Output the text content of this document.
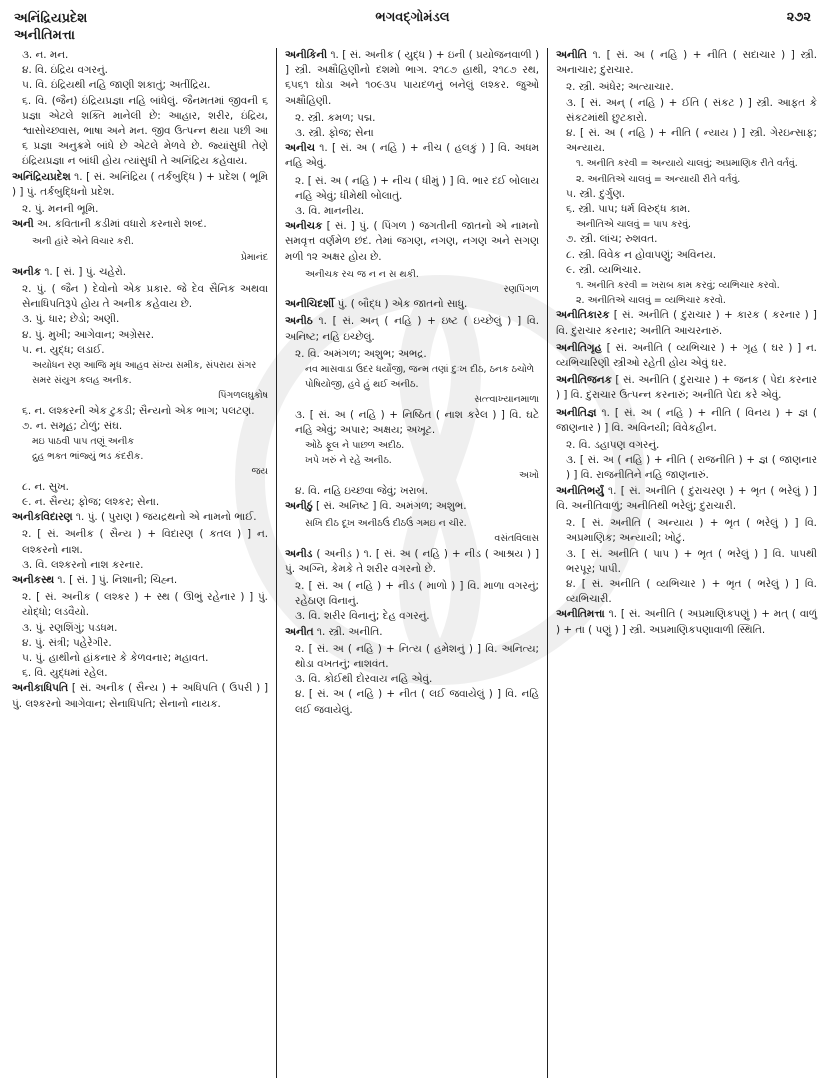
અનિંદ્રિયપ્રદેશ
અનીતિમત્તા
ભગવદ્ગોમંડલ	૨૭૨
૩. ન. મન.
૪. વિ. ઇંદ્રિય વગરનું.
૫. વિ. ઇંદ્રિયથી નહિ જાણી શકાતું; અતીંદ્રિય.
૬. વિ. (જૈન) ઇંદ્રિયપ્રજ્ઞા નહિ બાંધેલું. જૈનમતમાં જીવની ૬ પ્રજ્ઞા એટલે શક્તિ માનેલી છે: આહાર, શરીર, ઇંદ્રિય, શ્વાસોચ્છ્વાસ, ભાષા અને મન. જીવ ઉત્પન્ન થયા પછી આ ૬ પ્રજ્ઞા અનુક્રમે બાંધે છે એટલે મેળવે છે. જ્યાંસુધી તેણે ઇંદ્રિયપ્રજ્ઞા ન બાંધી હોય ત્યાંસુધી તે અનિંદ્રિય કહેવાય.
અનિંદ્રિયપ્રદેશ ૧. [ સં. અનિંદ્રિય ( તર્કબુદ્ધિ ) + પ્રદેશ ( ભૂમિ ) ] પું. તર્કબુદ્ધિનો પ્રદેશ.
૨. પું. મનની ભૂમિ.
અની અ. કવિતાની કડીમાં વધારો કરનારો શબ્દ.
અની હાંરે એને વિચાર કરી.
પ્રેમાનંદ
અનીક ૧. [ સં. ] પું. ચહેરો.
૨. પું. ( જૈન ) દેવોનો એક પ્રકાર. જે દેવ સૈનિક અથવા સેનાધિપતિરૂપે હોય તે અનીક કહેવાય છે.
૩. પું. ધાર; છેડો; અણી.
૪. પું. મુખી; આગેવાન; અગ્રેસર.
૫. ન. યુદ્ધ; લડાઈ.
અયોધન રણ આજિ મૃધ આહવ સંખ્ય સમીક, સંપરાય સંગર સમર સંયુગ કલહ અનીક.
પિંગળલઘુકોષ
૬. ન. લશ્કરની એક ટુકડી; સૈન્યનો એક ભાગ; પલટણ.
૭. ન. સમૂહ; ટોળું; સંઘ.
મઇ પાઠવી પાપ તણૂં અનીક
દ્રુહ ભક્ત ભાંજ્યું ભડ કંદરીક.
જય
૮. ન. સુખ.
૯. ન. સૈન્ય; ફોજ; લશ્કર; સેના.
અનીકવિદારણ ૧. પું. ( પુરાણ ) જયદ્રથનો એ નામનો ભાઈ.
૨. [ સં. અનીક ( સૈન્ય ) + વિદારણ ( કતલ ) ] ન. લશ્કરનો નાશ.
૩. વિ. લશ્કરનો નાશ કરનાર.
અનીકસ્થ ૧. [ સં. ] પું. નિશાની; ચિહ્ન.
૨. [ સં. અનીક ( લશ્કર ) + સ્થ ( ઊભું રહેનાર ) ] પું. યોદ્ધો; લડવૈયો.
૩. પું. રણશિંગું; પડધમ.
૪. પું. સંત્રી; પહેરેગીર.
૫. પું. હાથીનો હાંકનાર કે કેળવનાર; મહાવત.
૬. વિ. યુદ્ધમાં રહેલ.
અનીકાધિપતિ [ સં. અનીક ( સૈન્ય ) + અધિપતિ ( ઉપરી ) ] પું. લશ્કરનો આગેવાન; સેનાધિપતિ; સેનાનો નાયક.
અનીકિની ૧. [ સં. અનીક ( યુદ્ધ ) + ઇની ( પ્રયોજનવાળી ) ] સ્ત્રી. અક્ષૌહિણીનો દશમો ભાગ. ૨૧૮૭ હાથી, ૨૧૮૭ રથ, ૬૫૬૧ ઘોડા અને ૧૦૯૩૫ પાયદળનું બનેલું લશ્કર. જુઓ અક્ષૌહિણી.
૨. સ્ત્રી. કમળ; પદ્મ.
૩. સ્ત્રી. ફોજ; સેના
અનીચ ૧. [ સં. અ ( નહિ ) + નીચ ( હલકું ) ] વિ. અધમ નહિ એવું.
૨. [ સં. અ ( નહિ ) + નીચ ( ધીમું ) ] વિ. ભાર દઈ બોલાય નહિ એવું; ધીમેથી બોલાતું.
૩. વિ. માનનીય.
અનીચક [ સં. ] પું. ( પિંગળ ) જગતીની જાતનો એ નામનો સમવૃત્ત વર્ણમેળ છંદ. તેમાં જગણ, નગણ, નગણ અને સગણ મળી ૧૨ અક્ષર હોય છે.
અનીચક રચ જ ન ન સ થકી.
રણપિંગળ
અનીચિદર્શી પું. ( બૌદ્ધ ) એક જાતનો સાધુ.
અનીઠ ૧. [ સં. અન્ ( નહિ ) + ઇષ્ટ ( ઇચ્છેલું ) ] વિ. અનિષ્ટ; નહિ ઇચ્છેલું.
૨. વિ. અમંગળ; અશુભ; અભદ્ર.
નવ માસવાડા ઉદર ધર્યોજી, જન્મ તણાં દુઃખ દીઠ, ઠનક ઠચોળે પોષિયોજી, હવે હું થઈ અનીઠ.
સત્ત્વાખ્યાનમાળા
૩. [ સં. અ ( નહિ ) + નિષ્ઠિત ( નાશ કરેલ ) ] વિ. ઘટે નહિ એવું; અપાર; અક્ષય; અખૂટ.
ઓઠે ફૂલ ને પાછળ અદીઠ.
ખપે ખરું ને રહે અનીઠ.
અખો
૪. વિ. નહિ ઇચ્છવા જેવું; ખરાબ.
અનીઠું [ સં. અનિષ્ટ ] વિ. અમંગળ; અશુભ.
સખિ દીઠ દૂખ અનીઠઉં દીઠઉં ગમઇ ન ચીર.
વસંતવિલાસ
અનીડ ( અનીડ઼ ) ૧. [ સં. અ ( નહિ ) + નીડ ( આશ્રય ) ] પું. અગ્નિ, કેમકે તે શરીર વગરનો છે.
૨. [ સં. અ ( નહિ ) + નીડ ( માળો ) ] વિ. માળા વગરનું; રહેઠાણ વિનાનું.
૩. વિ. શરીર વિનાનું; દેહ વગરનું.
અનીત ૧. સ્ત્રી. અનીતિ.
૨. [ સં. અ ( નહિ ) + નિત્ય ( હમેશનું ) ] વિ. અનિત્ય; થોડા વખતનું; નાશવંત.
૩. વિ. કોઈથી દોરવાય નહિ એવું.
૪. [ સં. અ ( નહિ ) + નીત ( લઈ જવાયેલું ) ] વિ. નહિ લઈ જવાયેલું.
અનીતિ ૧. [ સં. અ ( નહિ ) + નીતિ ( સદાચાર ) ] સ્ત્રી. અનાચાર; દુરાચાર.
૨. સ્ત્રી. અંધેર; અત્યાચાર.
૩. [ સં. અન્ ( નહિ ) + ઈતિ ( સંકટ ) ] સ્ત્રી. આફત કે સંકટમાંથી છુટકારો.
૪. [ સં. અ ( નહિ ) + નીતિ ( ન્યાય ) ] સ્ત્રી. ગેરઇન્સાફ; અન્યાય.
૧. અનીતિ કરવી = અન્યાયે ચાલવું; અપ્રમાણિક રીતે વર્તવું.
૨. અનીતિએ ચાલવું = અન્યાયી રીતે વર્તવું.
૫. સ્ત્રી. દુર્ગુણ.
૬. સ્ત્રી. પાપ; ધર્મ વિરુદ્ધ કામ.
અનીતિએ ચાલવું = પાપ કરવું.
૭. સ્ત્રી. લાંચ; રુશવત.
૮. સ્ત્રી. વિવેક ન હોવાપણું; અવિનય.
૯. સ્ત્રી. વ્યભિચાર.
૧. અનીતિ કરવી = ખરાબ કામ કરવું; વ્યભિચાર કરવો.
૨. અનીતિએ ચાલવું = વ્યભિચાર કરવો.
અનીતિકારક [ સં. અનીતિ ( દુરાચાર ) + કારક ( કરનાર ) ] વિ. દુરાચાર કરનાર; અનીતિ આચરનારું.
અનીતિગૃહ [ સં. અનીતિ ( વ્યભિચાર ) + ગૃહ ( ઘર ) ] ન. વ્યભિચારિણી સ્ત્રીઓ રહેતી હોય એવું ઘર.
અનીતિજનક [ સં. અનીતિ ( દુરાચાર ) + જનક ( પેદા કરનાર ) ] વિ. દુરાચાર ઉત્પન્ન કરનારું; અનીતિ પેદા કરે એવું.
અનીતિજ્ઞ ૧. [ સં. અ ( નહિ ) + નીતિ ( વિનય ) + જ્ઞ ( જાણનાર ) ] વિ. અવિનયી; વિવેકહીન.
૨. વિ. ડહાપણ વગરનું.
૩. [ સં. અ ( નહિ ) + નીતિ ( રાજનીતિ ) + જ્ઞ ( જાણનાર ) ] વિ. રાજનીતિને નહિ જાણનારું.
અનીતિભર્યું ૧. [ સં. અનીતિ ( દુરાચરણ ) + ભૃત ( ભરેલું ) ] વિ. અનીતિવાળું; અનીતિથી ભરેલું; દુરાચારી.
૨. [ સં. અનીતિ ( અન્યાય ) + ભૃત ( ભરેલું ) ] વિ. અપ્રમાણિક; અન્યાયી; ખોટું.
૩. [ સં. અનીતિ ( પાપ ) + ભૃત ( ભરેલું ) ] વિ. પાપથી ભરપૂર; પાપી.
૪. [ સં. અનીતિ ( વ્યભિચાર ) + ભૃત ( ભરેલું ) ] વિ. વ્યભિચારી.
અનીતિમત્તા ૧. [ સં. અનીતિ ( અપ્રમાણિકપણું ) + મત્ ( વાળું ) + તા ( પણું ) ] સ્ત્રી. અપ્રમાણિકપણાવાળી સ્થિતિ.
